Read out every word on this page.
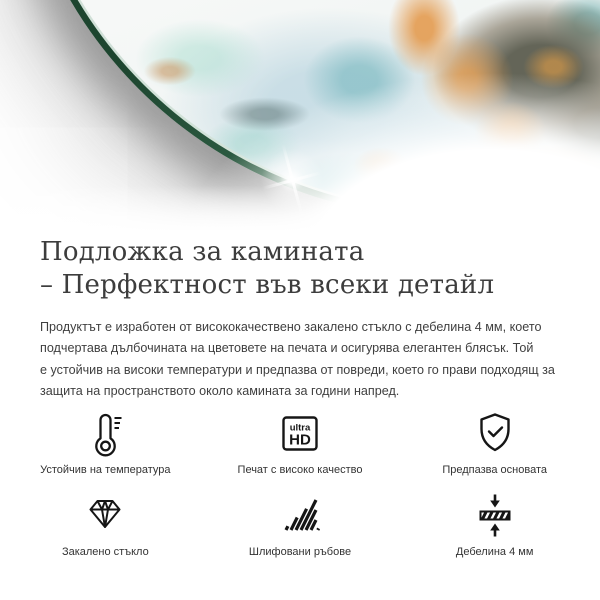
Подложка за камината
– Перфектност във всеки детайл
Продуктът е изработен от висококачествено закалено стъкло с дебелина 4 мм, което
подчертава дълбочината на цветовете на печата и осигурява елегантен блясък. Той
е устойчив на високи температури и предпазва от повреди, което го прави подходящ за
защита на пространството около камината за години напред.
Устойчив на температура
ultra
HD
Печат с високо качество	Предпазва основата
Закалено стъкло	Шлифовани ръбове	Дебелина 4 мм
